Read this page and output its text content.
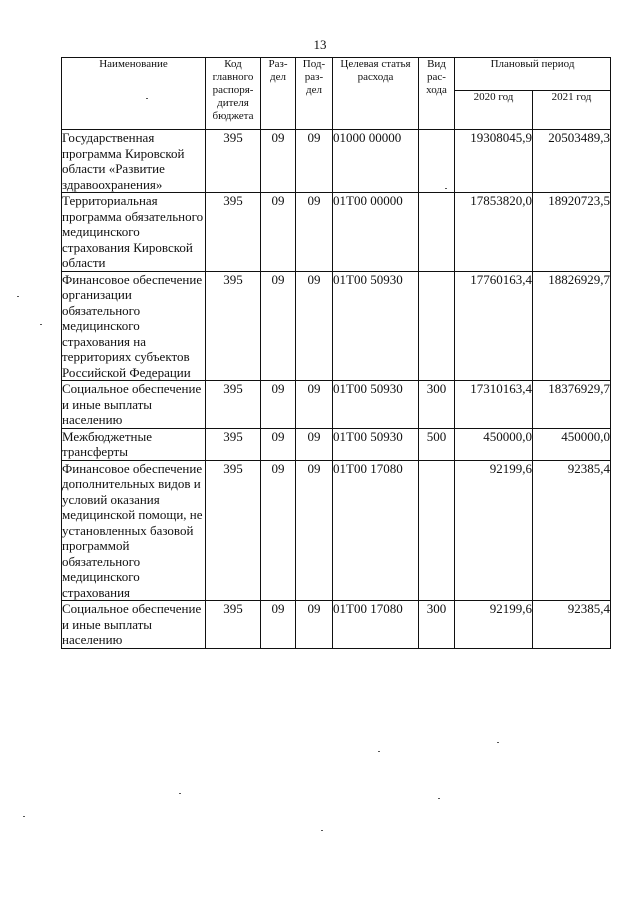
13
Наименование	Код
главного
распоря-
дителя
бюджета	Раз-
дел	Под-
раз-
дел	Целевая статья
расхода	Вид
рас-
хода	Плановый период	
						2020 год	2021 год
Государственная программа Кировской области «Развитие здравоохранения»	395	09	09	01000 00000		19308045,9	20503489,3
Территориальная программа обязательного медицинского страхования Кировской области	395	09	09	01Т00 00000		17853820,0	18920723,5
Финансовое обеспечение организации обязательного медицинского страхования на территориях субъектов Российской Федерации	395	09	09	01Т00 50930		17760163,4	18826929,7
Социальное обеспечение и иные выплаты населению	395	09	09	01Т00 50930	300	17310163,4	18376929,7
Межбюджетные трансферты	395	09	09	01Т00 50930	500	450000,0	450000,0
Финансовое обеспечение дополнительных видов и условий оказания медицинской помощи, не установленных базовой программой обязательного медицинского страхования	395	09	09	01Т00 17080		92199,6	92385,4
Социальное обеспечение и иные выплаты населению	395	09	09	01Т00 17080	300	92199,6	92385,4
